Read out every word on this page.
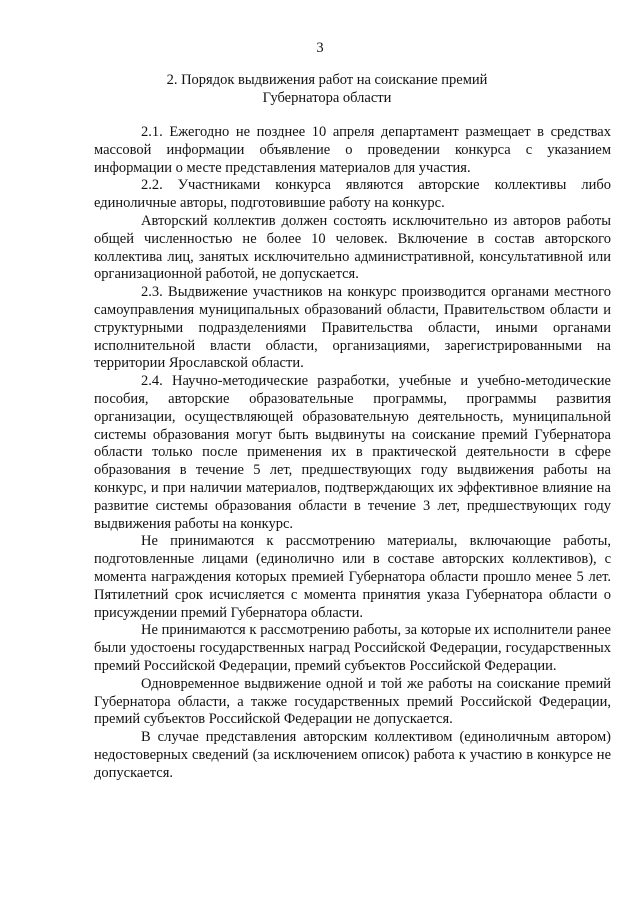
3
2. Порядок выдвижения работ на соискание премий
Губернатора области

2.1. Ежегодно не позднее 10 апреля департамент размещает в средствах массовой информации объявление о проведении конкурса с указанием информации о месте представления материалов для участия.

2.2. Участниками конкурса являются авторские коллективы либо единоличные авторы, подготовившие работу на конкурс.

Авторский коллектив должен состоять исключительно из авторов работы общей численностью не более 10 человек. Включение в состав авторского коллектива лиц, занятых исключительно административной, консультативной или организационной работой, не допускается.

2.3. Выдвижение участников на конкурс производится органами местного самоуправления муниципальных образований области, Правительством области и структурными подразделениями Правительства области, иными органами исполнительной власти области, организациями, зарегистрированными на территории Ярославской области.

2.4. Научно-методические разработки, учебные и учебно-методические пособия, авторские образовательные программы, программы развития организации, осуществляющей образовательную деятельность, муниципальной системы образования могут быть выдвинуты на соискание премий Губернатора области только после применения их в практической деятельности в сфере образования в течение 5 лет, предшествующих году выдвижения работы на конкурс, и при наличии материалов, подтверждающих их эффективное влияние на развитие системы образования области в течение 3 лет, предшествующих году выдвижения работы на конкурс.

Не принимаются к рассмотрению материалы, включающие работы, подготовленные лицами (единолично или в составе авторских коллективов), с момента награждения которых премией Губернатора области прошло менее 5 лет. Пятилетний срок исчисляется с момента принятия указа Губернатора области о присуждении премий Губернатора области.

Не принимаются к рассмотрению работы, за которые их исполнители ранее были удостоены государственных наград Российской Федерации, государственных премий Российской Федерации, премий субъектов Российской Федерации.

Одновременное выдвижение одной и той же работы на соискание премий Губернатора области, а также государственных премий Российской Федерации, премий субъектов Российской Федерации не допускается.

В случае представления авторским коллективом (единоличным автором) недостоверных сведений (за исключением описок) работа к участию в конкурсе не допускается.
